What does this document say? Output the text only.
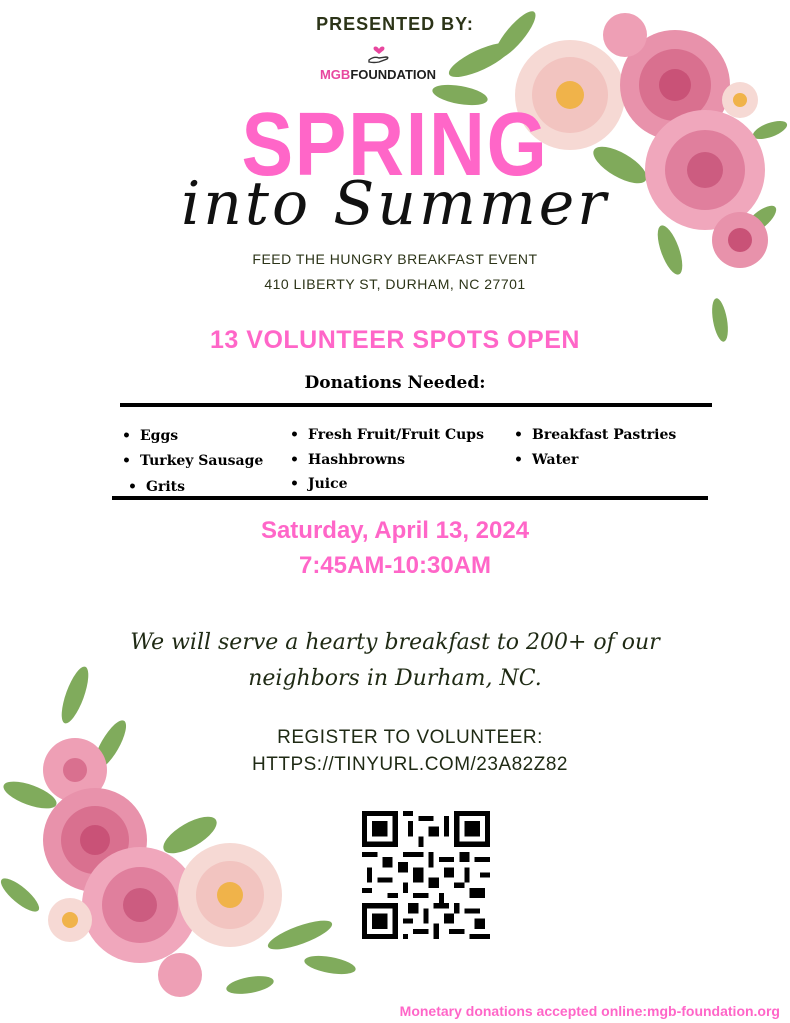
PRESENTED BY:
MGBFOUNDATION
SPRING
into Summer
FEED THE HUNGRY BREAKFAST EVENT
410 LIBERTY ST, DURHAM, NC 27701
13 VOLUNTEER SPOTS OPEN
Donations Needed:
• Eggs
• Turkey Sausage
• Grits
• Fresh Fruit/Fruit Cups
• Hashbrowns
• Juice
• Breakfast Pastries
• Water
Saturday, April 13, 2024
7:45AM-10:30AM
We will serve a hearty breakfast to 200+ of our
neighbors in Durham, NC.
REGISTER TO VOLUNTEER:
HTTPS://TINYURL.COM/23A82Z82
Monetary donations accepted online:mgb-foundation.org
